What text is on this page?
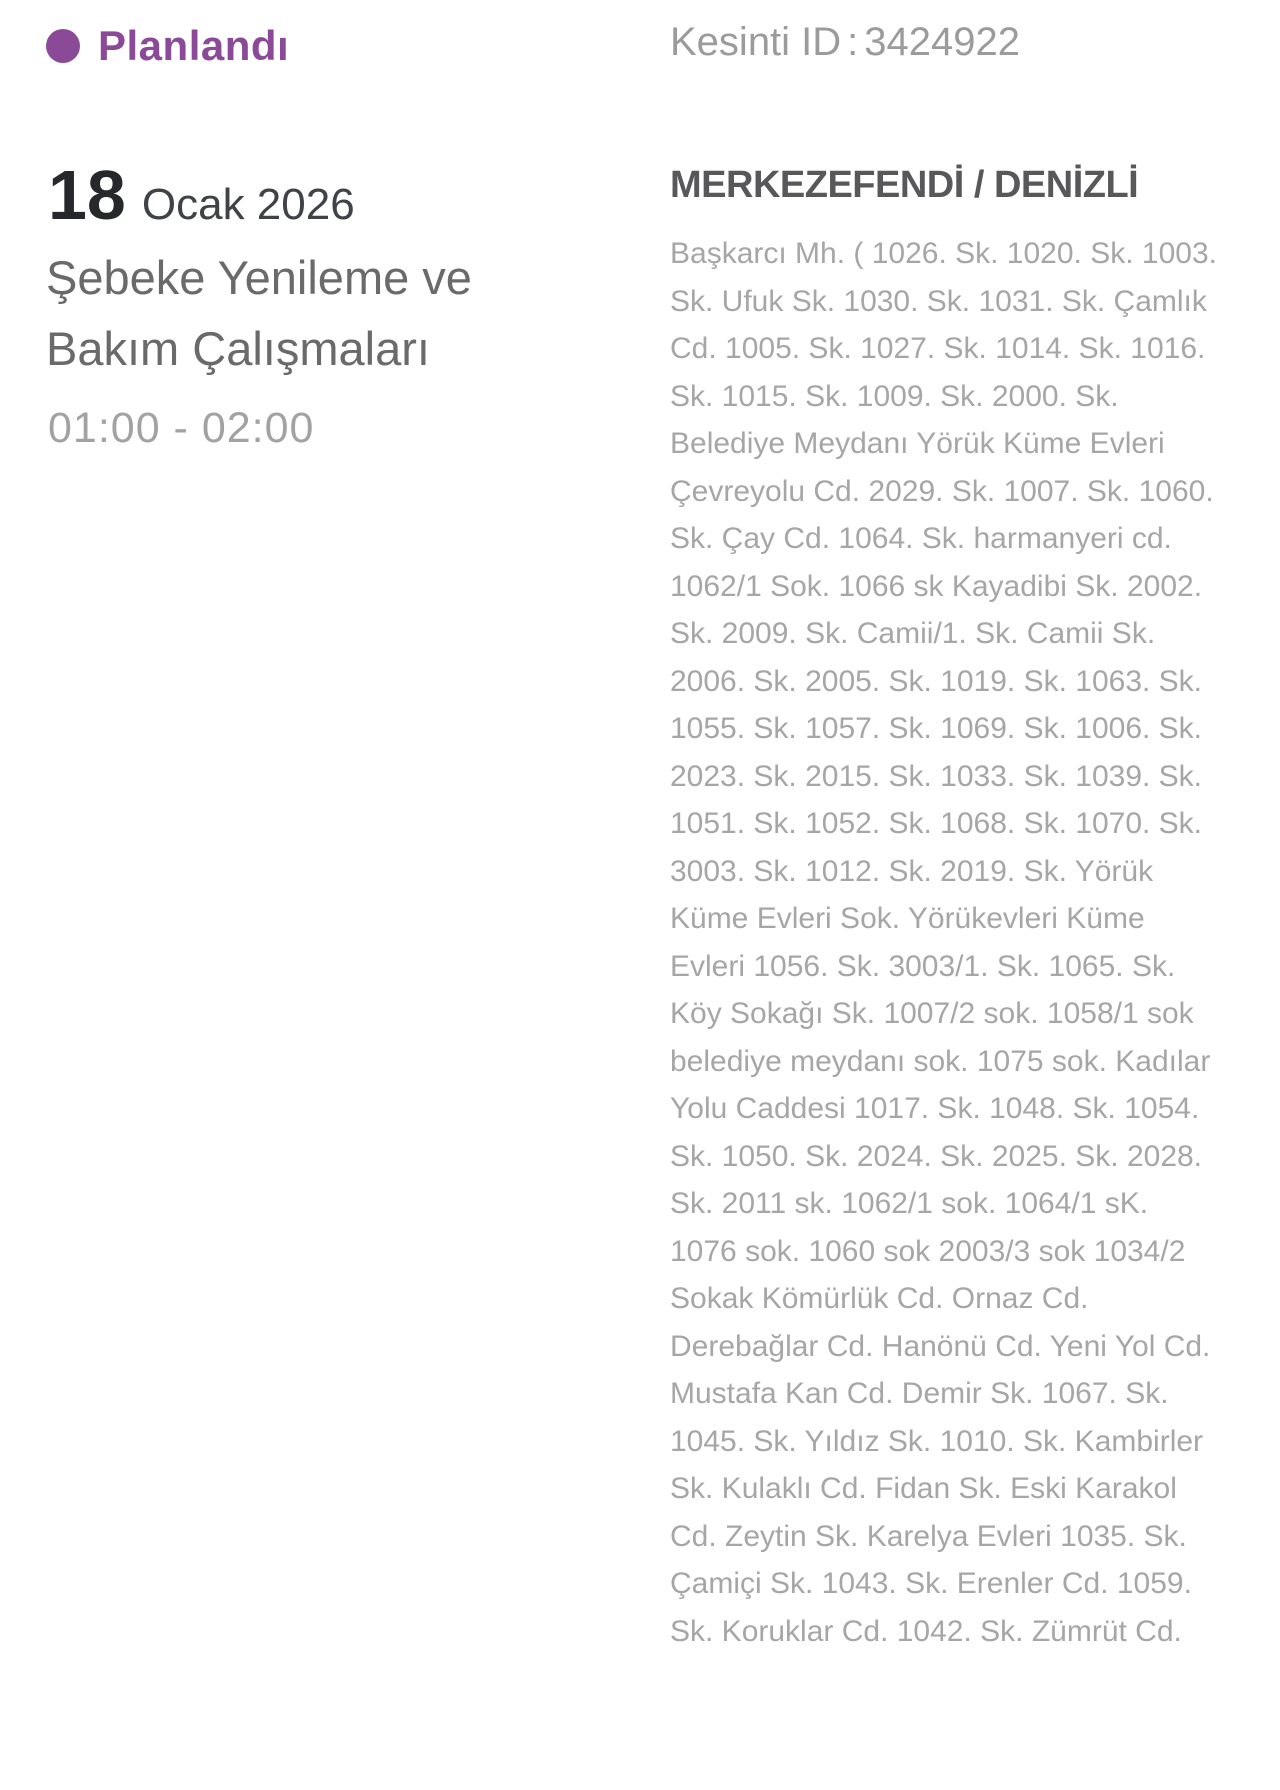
Planlandı	Kesinti ID : 3424922
18 Ocak 2026
Şebeke Yenileme ve Bakım Çalışmaları
01:00 - 02:00
MERKEZEFENDİ / DENİZLİ

Başkarcı Mh. ( 1026. Sk. 1020. Sk. 1003. Sk. Ufuk Sk. 1030. Sk. 1031. Sk. Çamlık Cd. 1005. Sk. 1027. Sk. 1014. Sk. 1016. Sk. 1015. Sk. 1009. Sk. 2000. Sk. Belediye Meydanı Yörük Küme Evleri Çevreyolu Cd. 2029. Sk. 1007. Sk. 1060. Sk. Çay Cd. 1064. Sk. harmanyeri cd. 1062/1 Sok. 1066 sk Kayadibi Sk. 2002. Sk. 2009. Sk. Camii/1. Sk. Camii Sk. 2006. Sk. 2005. Sk. 1019. Sk. 1063. Sk. 1055. Sk. 1057. Sk. 1069. Sk. 1006. Sk. 2023. Sk. 2015. Sk. 1033. Sk. 1039. Sk. 1051. Sk. 1052. Sk. 1068. Sk. 1070. Sk. 3003. Sk. 1012. Sk. 2019. Sk. Yörük Küme Evleri Sok. Yörükevleri Küme Evleri 1056. Sk. 3003/1. Sk. 1065. Sk. Köy Sokağı Sk. 1007/2 sok. 1058/1 sok belediye meydanı sok. 1075 sok. Kadılar Yolu Caddesi 1017. Sk. 1048. Sk. 1054. Sk. 1050. Sk. 2024. Sk. 2025. Sk. 2028. Sk. 2011 sk. 1062/1 sok. 1064/1 sK. 1076 sok. 1060 sok 2003/3 sok 1034/2 Sokak Kömürlük Cd. Ornaz Cd. Derebağlar Cd. Hanönü Cd. Yeni Yol Cd. Mustafa Kan Cd. Demir Sk. 1067. Sk. 1045. Sk. Yıldız Sk. 1010. Sk. Kambirler Sk. Kulaklı Cd. Fidan Sk. Eski Karakol Cd. Zeytin Sk. Karelya Evleri 1035. Sk. Çamiçi Sk. 1043. Sk. Erenler Cd. 1059. Sk. Koruklar Cd. 1042. Sk. Zümrüt Cd.
